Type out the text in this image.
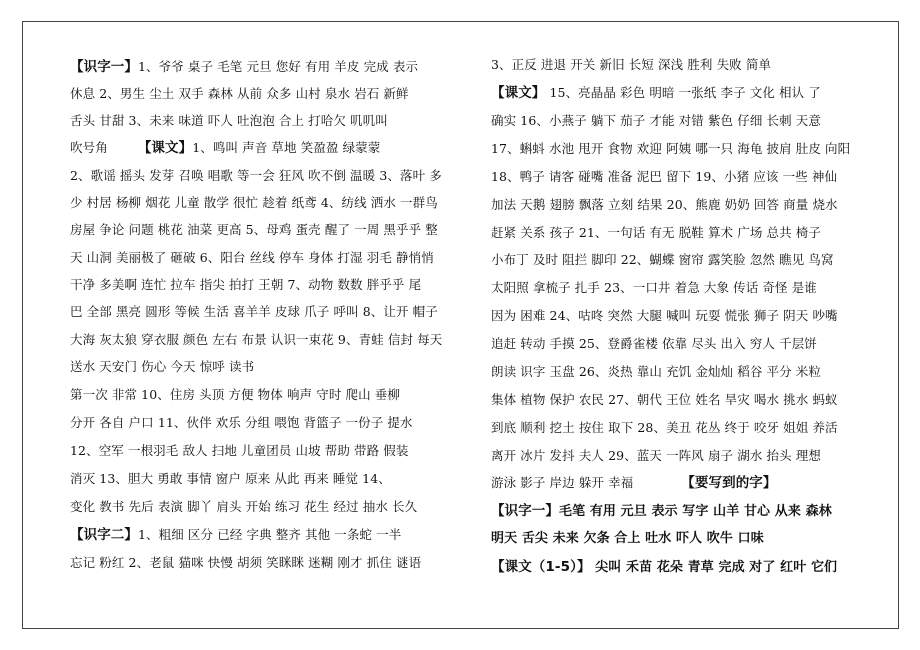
【识字一】1、爷爷 桌子 毛笔 元旦 您好 有用 羊皮 完成 表示
休息 2、男生 尘土 双手 森林 从前 众多 山村 泉水 岩石 新鲜
舌头 甘甜 3、未来 味道 吓人 吐泡泡 合上 打哈欠 叽叽叫
吹号角 【课文】1、鸣叫 声音 草地 笑盈盈 绿蒙蒙
2、歌谣 摇头 发芽 召唤 唱歌 等一会 狂风 吹不倒 温暖 3、落叶 多
少 村居 杨柳 烟花 儿童 散学 很忙 趁着 纸鸢 4、纺线 洒水 一群鸟
房屋 争论 问题 桃花 油菜 更高 5、母鸡 蛋壳 醒了 一周 黑乎乎 整
天 山洞 美丽极了 砸破 6、阳台 丝线 停车 身体 打湿 羽毛 静悄悄
干净 多美啊 连忙 拉车 指尖 拍打 王朝 7、动物 数数 胖乎乎 尾
巴 全部 黑亮 圆形 等候 生活 喜羊羊 皮球 爪子 呼叫 8、让开 帽子
大海 灰太狼 穿衣服 颜色 左右 布景 认识一束花 9、青蛙 信封 每天
送水 天安门 伤心 今天 惊呼 读书
第一次 非常 10、住房 头顶 方便 物体 响声 守时 爬山 垂柳
分开 各自 户口 11、伙伴 欢乐 分组 喂饱 背篮子 一份子 提水
12、空军 一根羽毛 敌人 扫地 儿童团员 山坡 帮助 带路 假装
消灭 13、胆大 勇敢 事情 窗户 原来 从此 再来 睡觉 14、
变化 教书 先后 表演 脚丫 肩头 开始 练习 花生 经过 抽水 长久
【识字二】1、粗细 区分 已经 字典 整齐 其他 一条蛇 一半
忘记 粉红 2、老鼠 猫咪 快慢 胡须 笑眯眯 迷糊 刚才 抓住 谜语
3、正反 进退 开关 新旧 长短 深浅 胜利 失败 简单
【课文】 15、亮晶晶 彩色 明暗 一张纸 李子 文化 相认 了
确实 16、小燕子 躺下 茄子 才能 对错 紫色 仔细 长刺 天意
17、蝌蚪 水池 甩开 食物 欢迎 阿姨 哪一只 海龟 披肩 肚皮 向阳
18、鸭子 请客 碰嘴 准备 泥巴 留下 19、小猪 应该 一些 神仙
加法 天鹅 翅膀 飘落 立刻 结果 20、熊鹿 奶奶 回答 商量 烧水
赶紧 关系 孩子 21、一句话 有无 脱鞋 算术 广场 总共 椅子
小布丁 及时 阻拦 脚印 22、蝴蝶 窗帘 露笑脸 忽然 瞧见 鸟窝
太阳照 拿梳子 扎手 23、一口井 着急 大象 传话 奇怪 是谁
因为 困难 24、咕咚 突然 大腿 喊叫 玩耍 慌张 狮子 阴天 吵嘴
追赶 转动 手摸 25、登爵雀楼 依靠 尽头 出入 穷人 千层饼
朗读 识字 玉盘 26、炎热 靠山 充饥 金灿灿 稻谷 平分 米粒
集体 植物 保护 农民 27、朝代 王位 姓名 旱灾 喝水 挑水 蚂蚁
到底 顺利 挖土 按住 取下 28、美丑 花丛 终于 咬牙 姐姐 养活
离开 冰片 发抖 夫人 29、蓝天 一阵风 扇子 湖水 抬头 理想
游泳 影子 岸边 躲开 幸福	【要写到的字】
【识字一】毛笔 有用 元旦 表示 写字 山羊 甘心 从来 森林
明天 舌尖 未来 欠条 合上 吐水 吓人 吹牛 口味
【课文（1-5）】 尖叫 禾苗 花朵 青草 完成 对了 红叶 它们
